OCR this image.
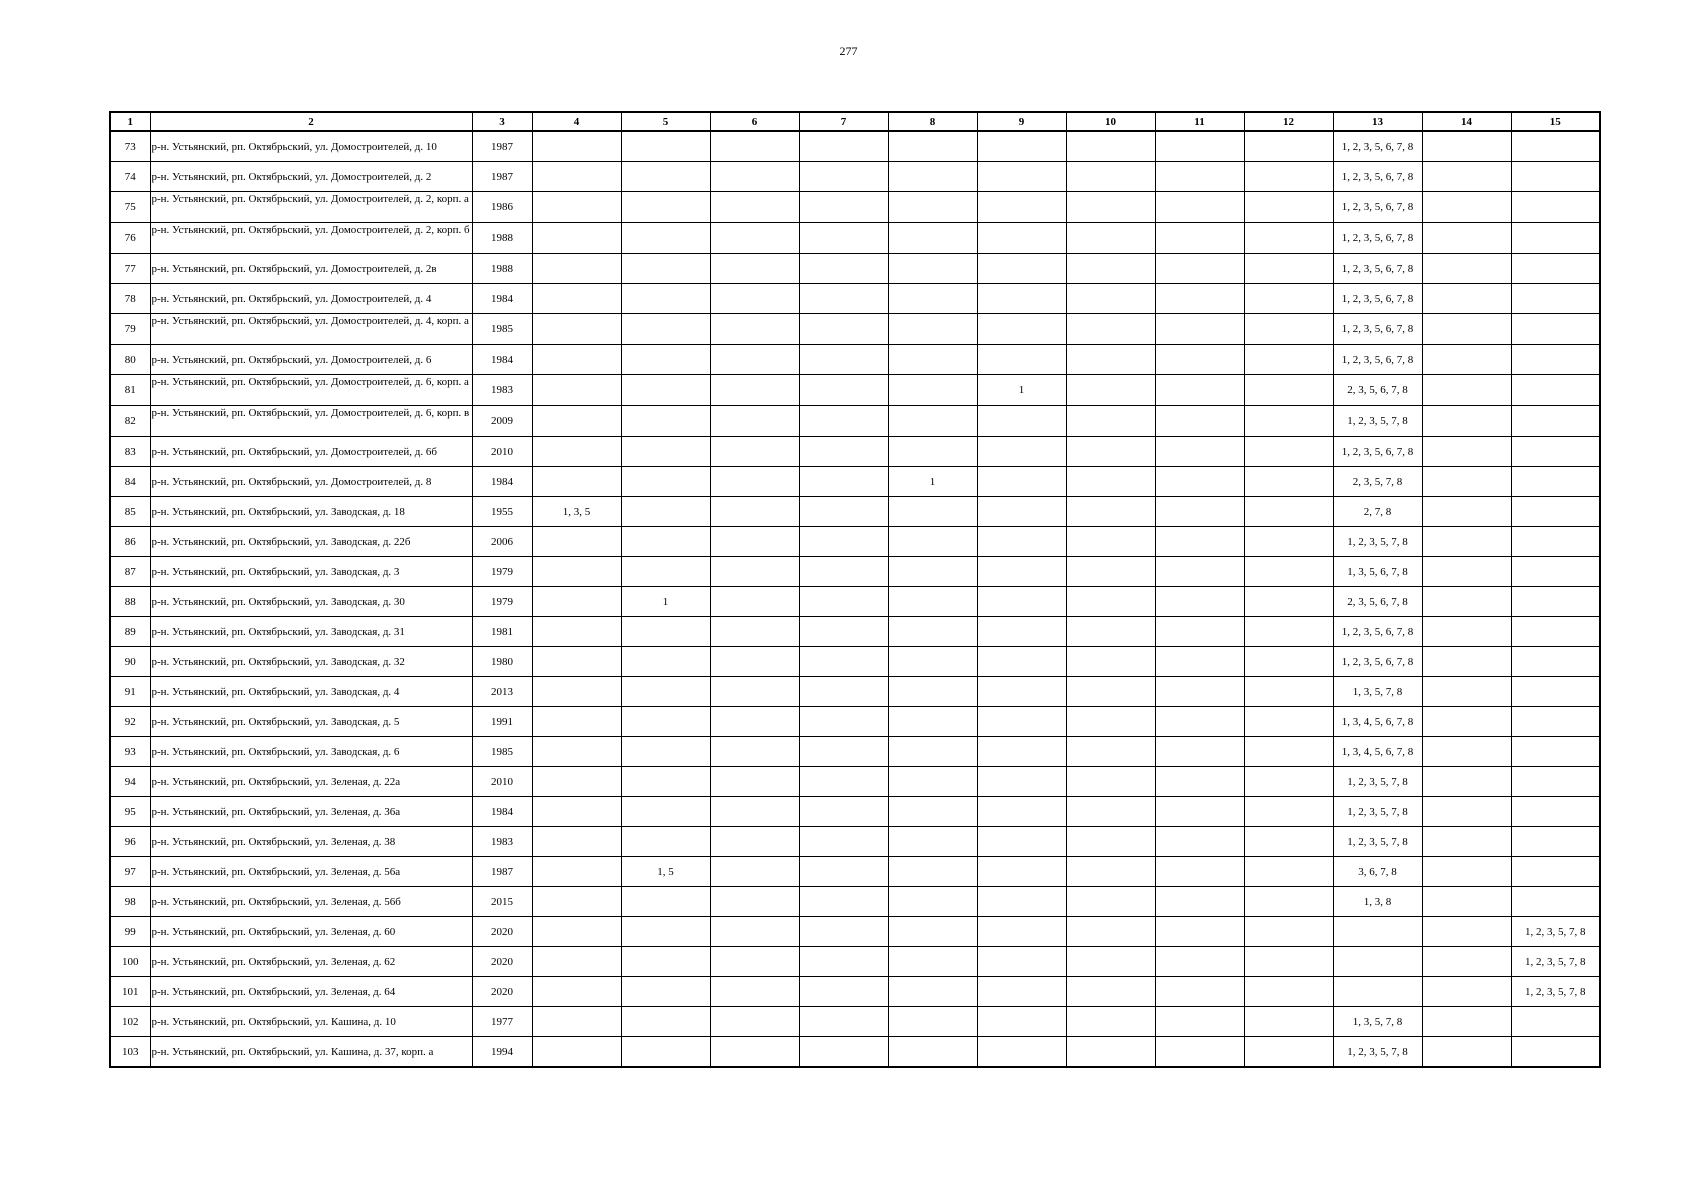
277
1	2	3	4	5	6	7	8	9	10	11	12	13	14	15
73	р-н. Устьянский, рп. Октябрьский, ул. Домостроителей, д. 10	1987										1, 2, 3, 5, 6, 7, 8		
74	р-н. Устьянский, рп. Октябрьский, ул. Домостроителей, д. 2	1987										1, 2, 3, 5, 6, 7, 8		
75	р-н. Устьянский, рп. Октябрьский, ул. Домостроителей, д. 2, корп. а	1986										1, 2, 3, 5, 6, 7, 8		
76	р-н. Устьянский, рп. Октябрьский, ул. Домостроителей, д. 2, корп. б	1988										1, 2, 3, 5, 6, 7, 8		
77	р-н. Устьянский, рп. Октябрьский, ул. Домостроителей, д. 2в	1988										1, 2, 3, 5, 6, 7, 8		
78	р-н. Устьянский, рп. Октябрьский, ул. Домостроителей, д. 4	1984										1, 2, 3, 5, 6, 7, 8		
79	р-н. Устьянский, рп. Октябрьский, ул. Домостроителей, д. 4, корп. а	1985										1, 2, 3, 5, 6, 7, 8		
80	р-н. Устьянский, рп. Октябрьский, ул. Домостроителей, д. 6	1984										1, 2, 3, 5, 6, 7, 8		
81	р-н. Устьянский, рп. Октябрьский, ул. Домостроителей, д. 6, корп. а	1983						1				2, 3, 5, 6, 7, 8		
82	р-н. Устьянский, рп. Октябрьский, ул. Домостроителей, д. 6, корп. в	2009										1, 2, 3, 5, 7, 8		
83	р-н. Устьянский, рп. Октябрьский, ул. Домостроителей, д. 6б	2010										1, 2, 3, 5, 6, 7, 8		
84	р-н. Устьянский, рп. Октябрьский, ул. Домостроителей, д. 8	1984					1					2, 3, 5, 7, 8		
85	р-н. Устьянский, рп. Октябрьский, ул. Заводская, д. 18	1955	1, 3, 5									2, 7, 8		
86	р-н. Устьянский, рп. Октябрьский, ул. Заводская, д. 22б	2006										1, 2, 3, 5, 7, 8		
87	р-н. Устьянский, рп. Октябрьский, ул. Заводская, д. 3	1979										1, 3, 5, 6, 7, 8		
88	р-н. Устьянский, рп. Октябрьский, ул. Заводская, д. 30	1979		1								2, 3, 5, 6, 7, 8		
89	р-н. Устьянский, рп. Октябрьский, ул. Заводская, д. 31	1981										1, 2, 3, 5, 6, 7, 8		
90	р-н. Устьянский, рп. Октябрьский, ул. Заводская, д. 32	1980										1, 2, 3, 5, 6, 7, 8		
91	р-н. Устьянский, рп. Октябрьский, ул. Заводская, д. 4	2013										1, 3, 5, 7, 8		
92	р-н. Устьянский, рп. Октябрьский, ул. Заводская, д. 5	1991										1, 3, 4, 5, 6, 7, 8		
93	р-н. Устьянский, рп. Октябрьский, ул. Заводская, д. 6	1985										1, 3, 4, 5, 6, 7, 8		
94	р-н. Устьянский, рп. Октябрьский, ул. Зеленая, д. 22а	2010										1, 2, 3, 5, 7, 8		
95	р-н. Устьянский, рп. Октябрьский, ул. Зеленая, д. 36а	1984										1, 2, 3, 5, 7, 8		
96	р-н. Устьянский, рп. Октябрьский, ул. Зеленая, д. 38	1983										1, 2, 3, 5, 7, 8		
97	р-н. Устьянский, рп. Октябрьский, ул. Зеленая, д. 56а	1987		1, 5								3, 6, 7, 8		
98	р-н. Устьянский, рп. Октябрьский, ул. Зеленая, д. 56б	2015										1, 3, 8		
99	р-н. Устьянский, рп. Октябрьский, ул. Зеленая, д. 60	2020												1, 2, 3, 5, 7, 8
100	р-н. Устьянский, рп. Октябрьский, ул. Зеленая, д. 62	2020												1, 2, 3, 5, 7, 8
101	р-н. Устьянский, рп. Октябрьский, ул. Зеленая, д. 64	2020												1, 2, 3, 5, 7, 8
102	р-н. Устьянский, рп. Октябрьский, ул. Кашина, д. 10	1977										1, 3, 5, 7, 8		
103	р-н. Устьянский, рп. Октябрьский, ул. Кашина, д. 37, корп. а	1994										1, 2, 3, 5, 7, 8		
